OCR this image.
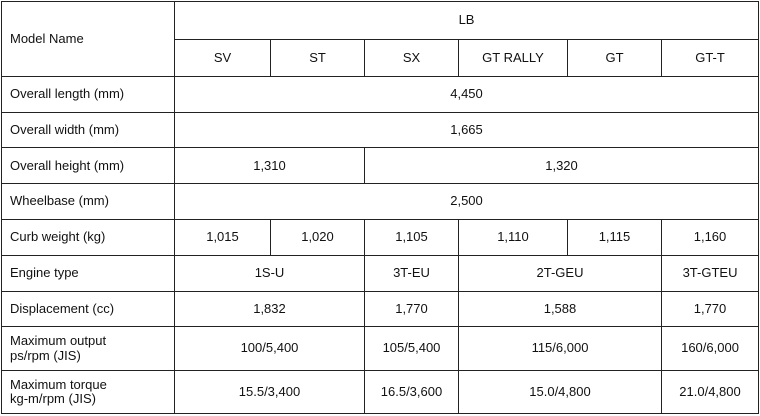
Model Name	LB					
	SV	ST	SX	GT RALLY	GT	GT-T
Overall length (mm)	4,450					
Overall width (mm)	1,665					
Overall height (mm)	1,310		1,320			
Wheelbase (mm)	2,500					
Curb weight (kg)	1,015	1,020	1,105	1,110	1,115	1,160
Engine type	1S-U		3T-EU	2T-GEU		3T-GTEU
Displacement (cc)	1,832		1,770	1,588		1,770

Maximum output
ps/rpm (JIS)	100/5,400		105/5,400	115/6,000		160/6,000

Maximum torque
kg-m/rpm (JIS)	15.5/3,400		16.5/3,600	15.0/4,800		21.0/4,800
